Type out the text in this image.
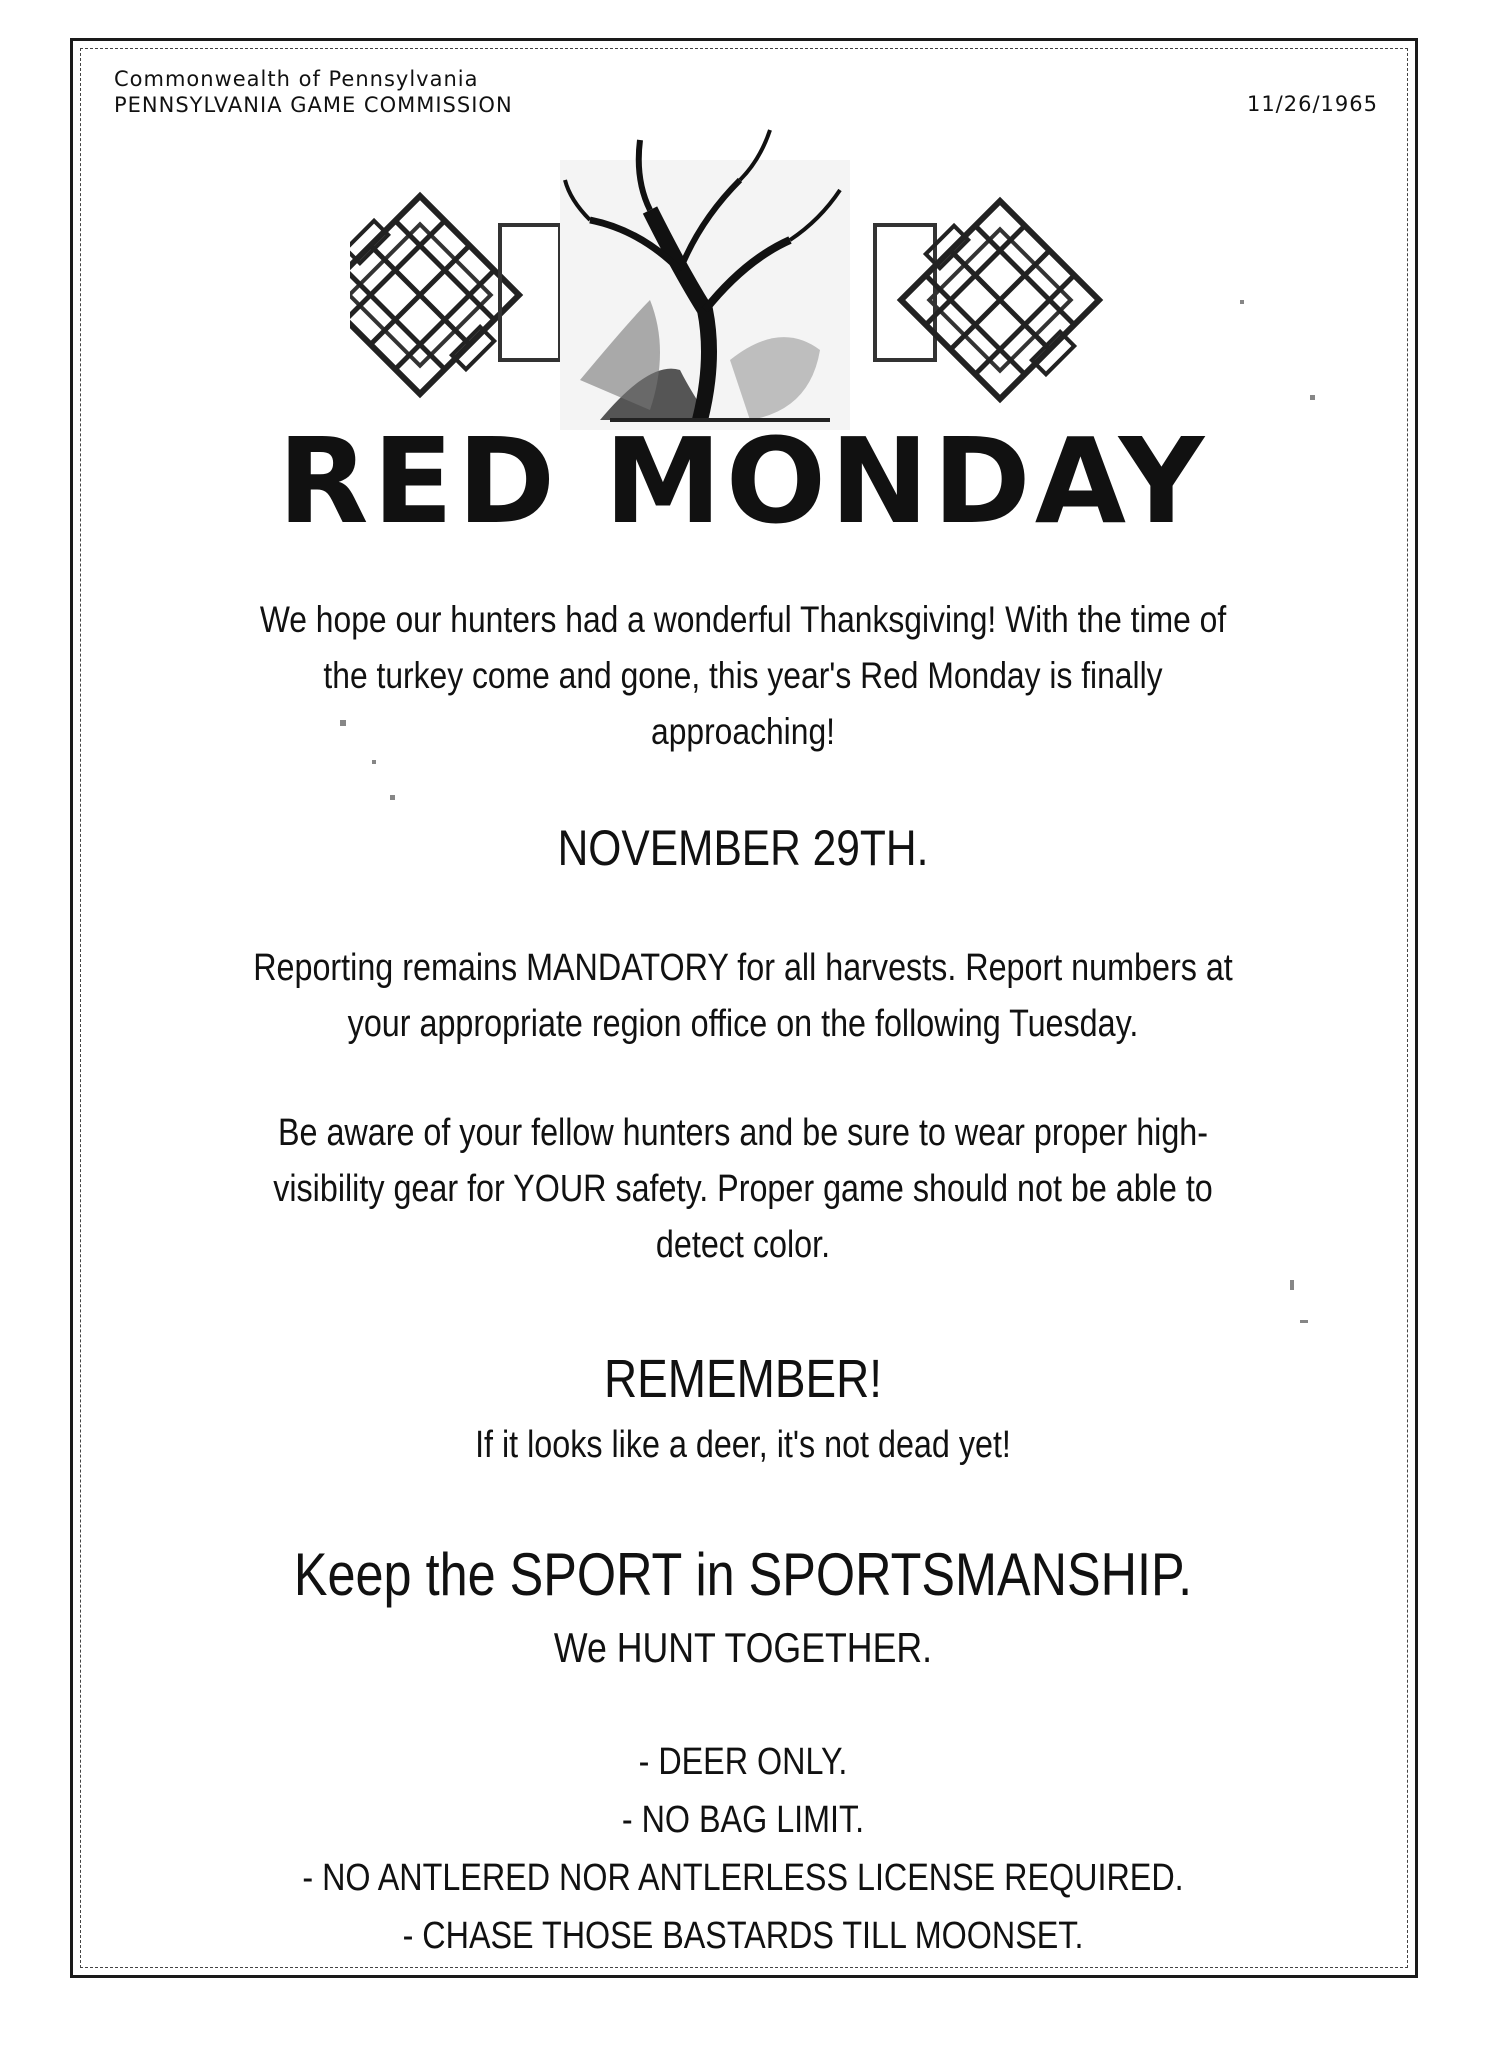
Commonwealth of Pennsylvania
PENNSYLVANIA GAME COMMISSION	11/26/1965
RED MONDAY

We hope our hunters had a wonderful Thanksgiving! With the time of the turkey come and gone, this year's Red Monday is finally approaching!

NOVEMBER 29TH.

Reporting remains MANDATORY for all harvests. Report numbers at your appropriate region office on the following Tuesday.

Be aware of your fellow hunters and be sure to wear proper high-visibility gear for YOUR safety. Proper game should not be able to detect color.

REMEMBER!
If it looks like a deer, it's not dead yet!
Keep the SPORT in SPORTSMANSHIP.
We HUNT TOGETHER.
- DEER ONLY.
- NO BAG LIMIT.
- NO ANTLERED NOR ANTLERLESS LICENSE REQUIRED.
- CHASE THOSE BASTARDS TILL MOONSET.
